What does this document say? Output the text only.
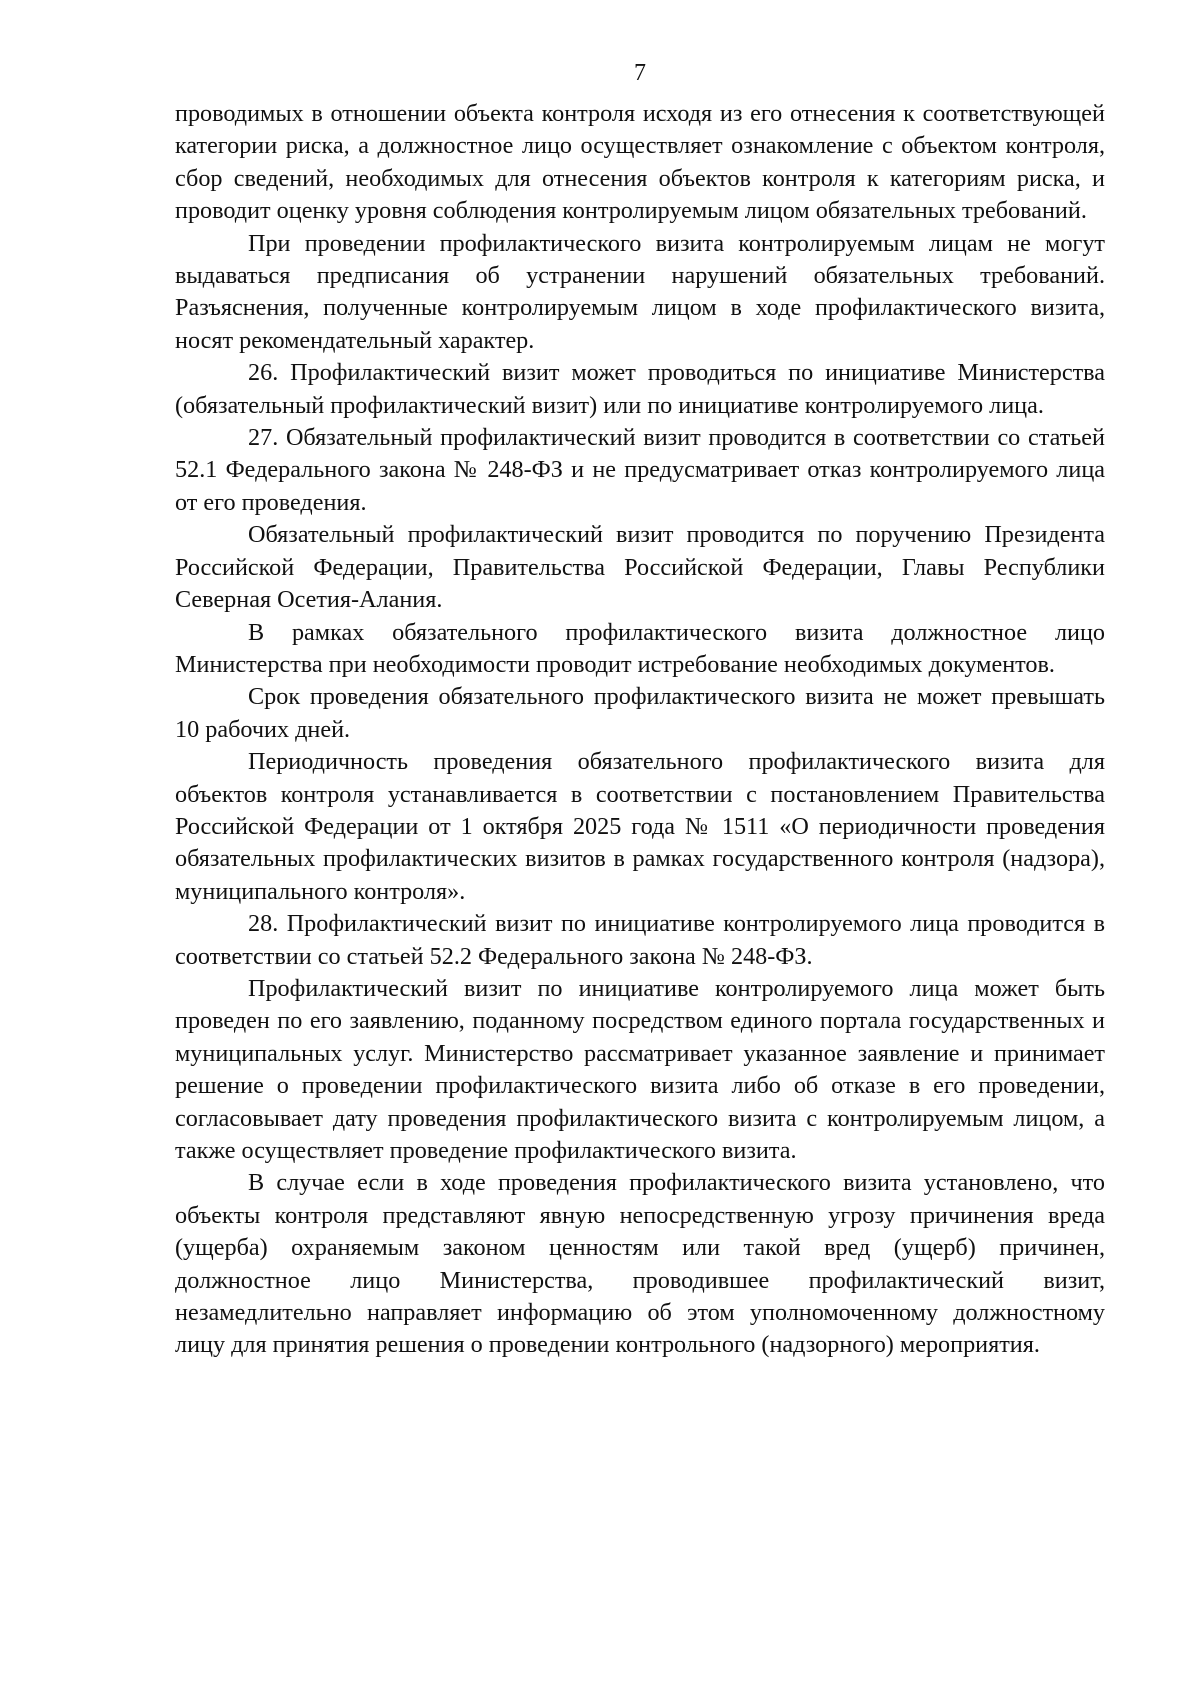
7

проводимых в отношении объекта контроля исходя из его отнесения к соответствующей категории риска, а должностное лицо осуществляет ознакомление с объектом контроля, сбор сведений, необходимых для отнесения объектов контроля к категориям риска, и проводит оценку уровня соблюдения контролируемым лицом обязательных требований.

При проведении профилактического визита контролируемым лицам не могут выдаваться предписания об устранении нарушений обязательных требований. Разъяснения, полученные контролируемым лицом в ходе профилактического визита, носят рекомендательный характер.

26. Профилактический визит может проводиться по инициативе Министерства (обязательный профилактический визит) или по инициативе контролируемого лица.

27. Обязательный профилактический визит проводится в соответствии со статьей 52.1 Федерального закона № 248-ФЗ и не предусматривает отказ контролируемого лица от его проведения.

Обязательный профилактический визит проводится по поручению Президента Российской Федерации, Правительства Российской Федерации, Главы Республики Северная Осетия-Алания.

В рамках обязательного профилактического визита должностное лицо Министерства при необходимости проводит истребование необходимых документов.

Срок проведения обязательного профилактического визита не может превышать 10 рабочих дней.

Периодичность проведения обязательного профилактического визита для объектов контроля устанавливается в соответствии с постановлением Правительства Российской Федерации от 1 октября 2025 года № 1511 «О периодичности проведения обязательных профилактических визитов в рамках государственного контроля (надзора), муниципального контроля».

28. Профилактический визит по инициативе контролируемого лица проводится в соответствии со статьей 52.2 Федерального закона № 248-ФЗ.

Профилактический визит по инициативе контролируемого лица может быть проведен по его заявлению, поданному посредством единого портала государственных и муниципальных услуг. Министерство рассматривает указанное заявление и принимает решение о проведении профилактического визита либо об отказе в его проведении, согласовывает дату проведения профилактического визита с контролируемым лицом, а также осуществляет проведение профилактического визита.

В случае если в ходе проведения профилактического визита установлено, что объекты контроля представляют явную непосредственную угрозу причинения вреда (ущерба) охраняемым законом ценностям или такой вред (ущерб) причинен, должностное лицо Министерства, проводившее профилактический визит, незамедлительно направляет информацию об этом уполномоченному должностному лицу для принятия решения о проведении контрольного (надзорного) мероприятия.
